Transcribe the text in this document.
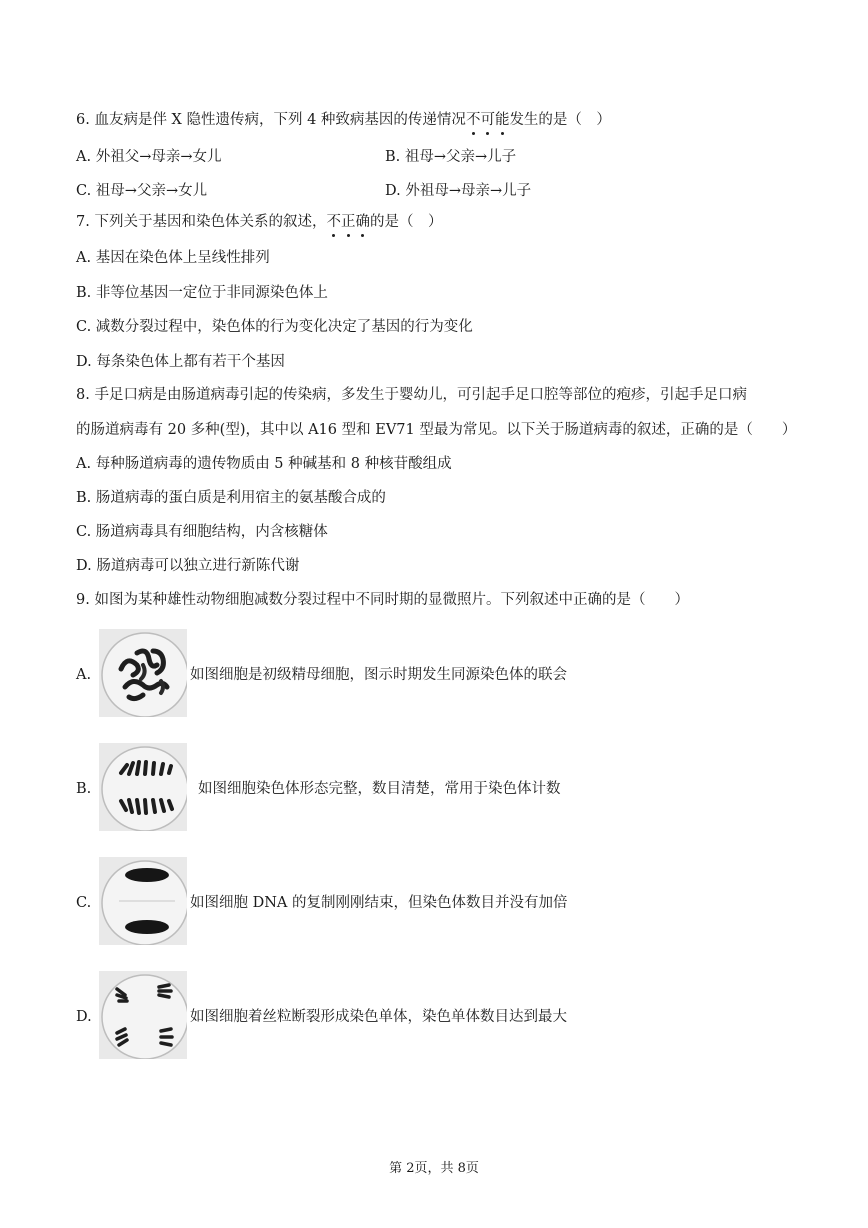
6. 血友病是伴 X 隐性遗传病，下列 4 种致病基因的传递情况不可能发生的是（　）
A. 外祖父→母亲→女儿	B. 祖母→父亲→儿子
C. 祖母→父亲→女儿	D. 外祖母→母亲→儿子
7. 下列关于基因和染色体关系的叙述，不正确的是（　）
A. 基因在染色体上呈线性排列
B. 非等位基因一定位于非同源染色体上
C. 减数分裂过程中，染色体的行为变化决定了基因的行为变化
D. 每条染色体上都有若干个基因
8. 手足口病是由肠道病毒引起的传染病，多发生于婴幼儿，可引起手足口腔等部位的疱疹，引起手足口病
的肠道病毒有 20 多种(型)，其中以 A16 型和 EV71 型最为常见。以下关于肠道病毒的叙述，正确的是（　　）
A. 每种肠道病毒的遗传物质由 5 种碱基和 8 种核苷酸组成
B. 肠道病毒的蛋白质是利用宿主的氨基酸合成的
C. 肠道病毒具有细胞结构，内含核糖体
D. 肠道病毒可以独立进行新陈代谢
9. 如图为某种雄性动物细胞减数分裂过程中不同时期的显微照片。下列叙述中正确的是（　　）
A.	如图细胞是初级精母细胞，图示时期发生同源染色体的联会
B.	如图细胞染色体形态完整，数目清楚，常用于染色体计数
C.	如图细胞 DNA 的复制刚刚结束，但染色体数目并没有加倍
D.	如图细胞着丝粒断裂形成染色单体，染色单体数目达到最大
第 2页，共 8页
